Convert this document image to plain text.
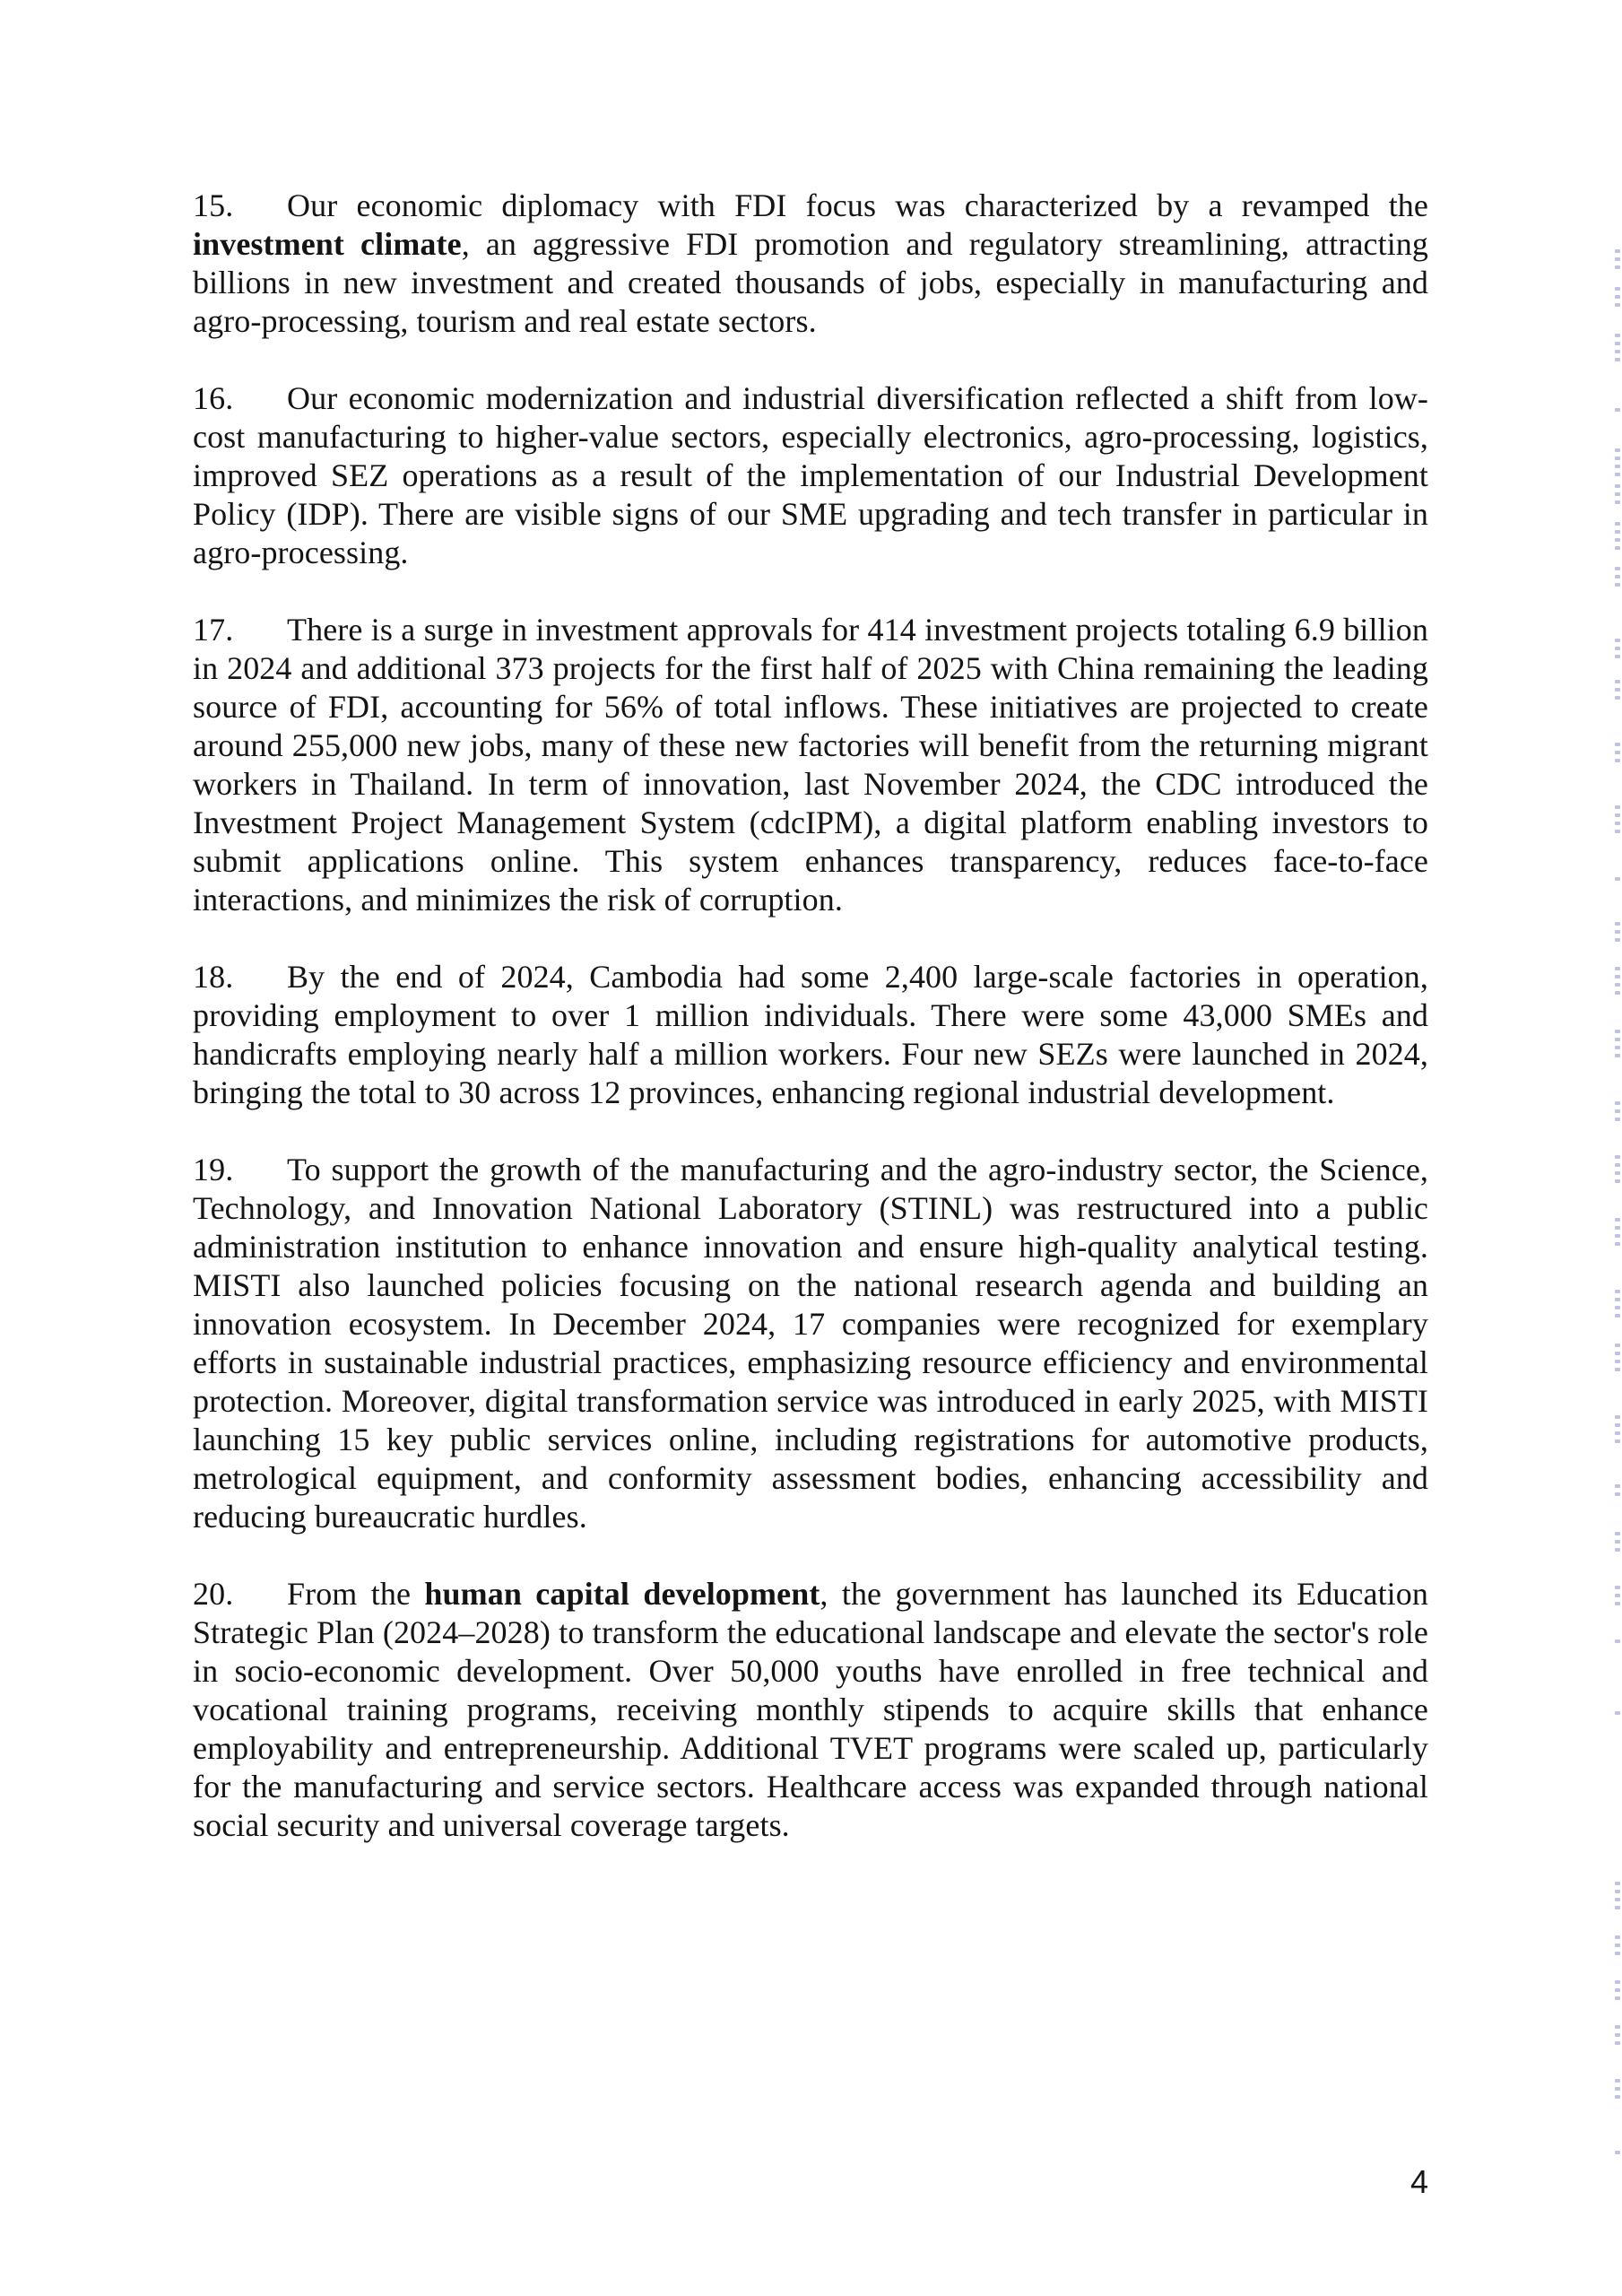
15. Our economic diplomacy with FDI focus was characterized by a revamped the investment climate, an aggressive FDI promotion and regulatory streamlining, attracting billions in new investment and created thousands of jobs, especially in manufacturing and agro-processing, tourism and real estate sectors.

16. Our economic modernization and industrial diversification reflected a shift from low-cost manufacturing to higher-value sectors, especially electronics, agro-processing, logistics, improved SEZ operations as a result of the implementation of our Industrial Development Policy (IDP). There are visible signs of our SME upgrading and tech transfer in particular in agro-processing.

17. There is a surge in investment approvals for 414 investment projects totaling 6.9 billion in 2024 and additional 373 projects for the first half of 2025 with China remaining the leading source of FDI, accounting for 56% of total inflows. These initiatives are projected to create around 255,000 new jobs, many of these new factories will benefit from the returning migrant workers in Thailand. In term of innovation, last November 2024, the CDC introduced the Investment Project Management System (cdcIPM), a digital platform enabling investors to submit applications online. This system enhances transparency, reduces face-to-face interactions, and minimizes the risk of corruption.

18. By the end of 2024, Cambodia had some 2,400 large-scale factories in operation, providing employment to over 1 million individuals. There were some 43,000 SMEs and handicrafts employing nearly half a million workers. Four new SEZs were launched in 2024, bringing the total to 30 across 12 provinces, enhancing regional industrial development.

19. To support the growth of the manufacturing and the agro-industry sector, the Science, Technology, and Innovation National Laboratory (STINL) was restructured into a public administration institution to enhance innovation and ensure high-quality analytical testing. MISTI also launched policies focusing on the national research agenda and building an innovation ecosystem. In December 2024, 17 companies were recognized for exemplary efforts in sustainable industrial practices, emphasizing resource efficiency and environmental protection. Moreover, digital transformation service was introduced in early 2025, with MISTI launching 15 key public services online, including registrations for automotive products, metrological equipment, and conformity assessment bodies, enhancing accessibility and reducing bureaucratic hurdles.

20. From the human capital development, the government has launched its Education Strategic Plan (2024–2028) to transform the educational landscape and elevate the sector's role in socio-economic development. Over 50,000 youths have enrolled in free technical and vocational training programs, receiving monthly stipends to acquire skills that enhance employability and entrepreneurship. Additional TVET programs were scaled up, particularly for the manufacturing and service sectors. Healthcare access was expanded through national social security and universal coverage targets.

4
